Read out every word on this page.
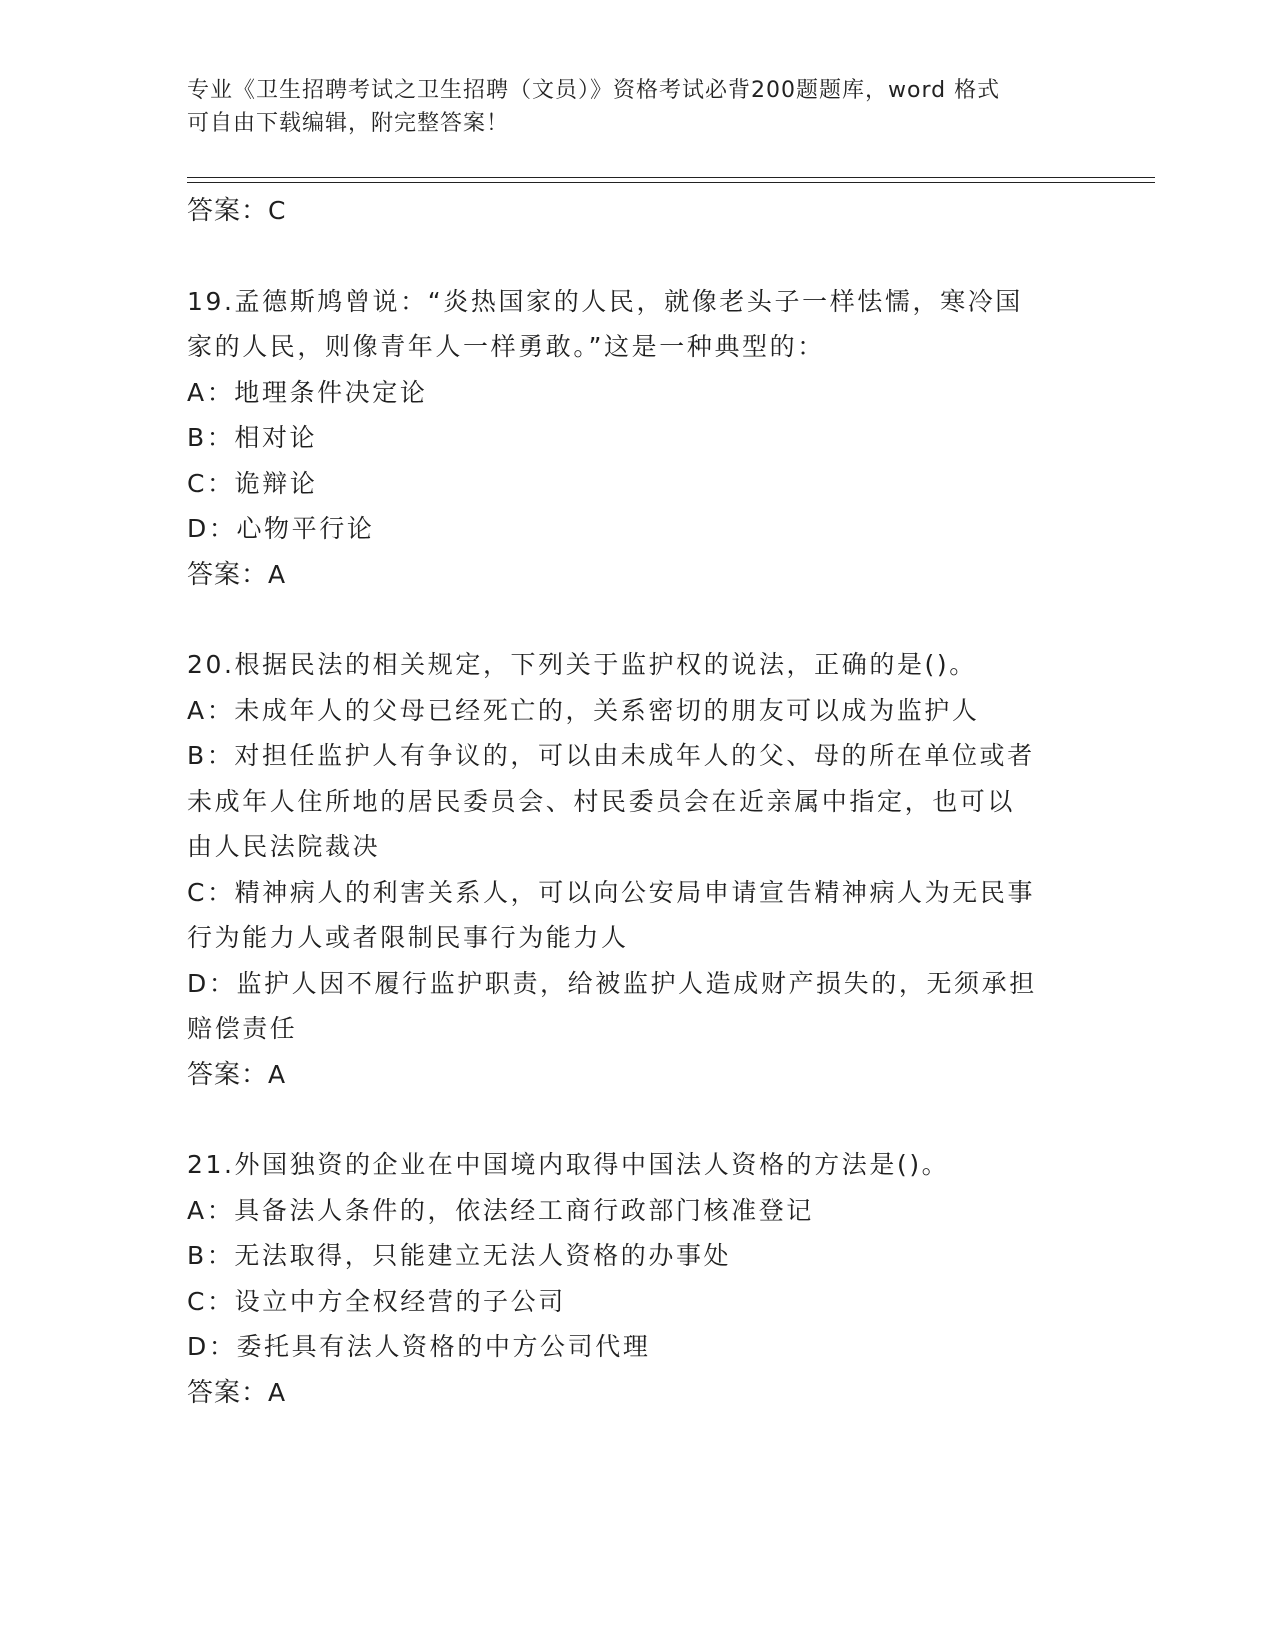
专业《卫生招聘考试之卫生招聘（文员）》资格考试必背200题题库，word 格式
可自由下载编辑，附完整答案！
答案：C
19.孟德斯鸠曾说：“炎热国家的人民，就像老头子一样怯懦，寒冷国
家的人民，则像青年人一样勇敢。”这是一种典型的：
A：地理条件决定论
B：相对论
C：诡辩论
D：心物平行论
答案：A
20.根据民法的相关规定，下列关于监护权的说法，正确的是()。
A：未成年人的父母已经死亡的，关系密切的朋友可以成为监护人
B：对担任监护人有争议的，可以由未成年人的父、母的所在单位或者
未成年人住所地的居民委员会、村民委员会在近亲属中指定，也可以
由人民法院裁决
C：精神病人的利害关系人，可以向公安局申请宣告精神病人为无民事
行为能力人或者限制民事行为能力人
D：监护人因不履行监护职责，给被监护人造成财产损失的，无须承担
赔偿责任
答案：A
21.外国独资的企业在中国境内取得中国法人资格的方法是()。
A：具备法人条件的，依法经工商行政部门核准登记
B：无法取得，只能建立无法人资格的办事处
C：设立中方全权经营的子公司
D：委托具有法人资格的中方公司代理
答案：A
